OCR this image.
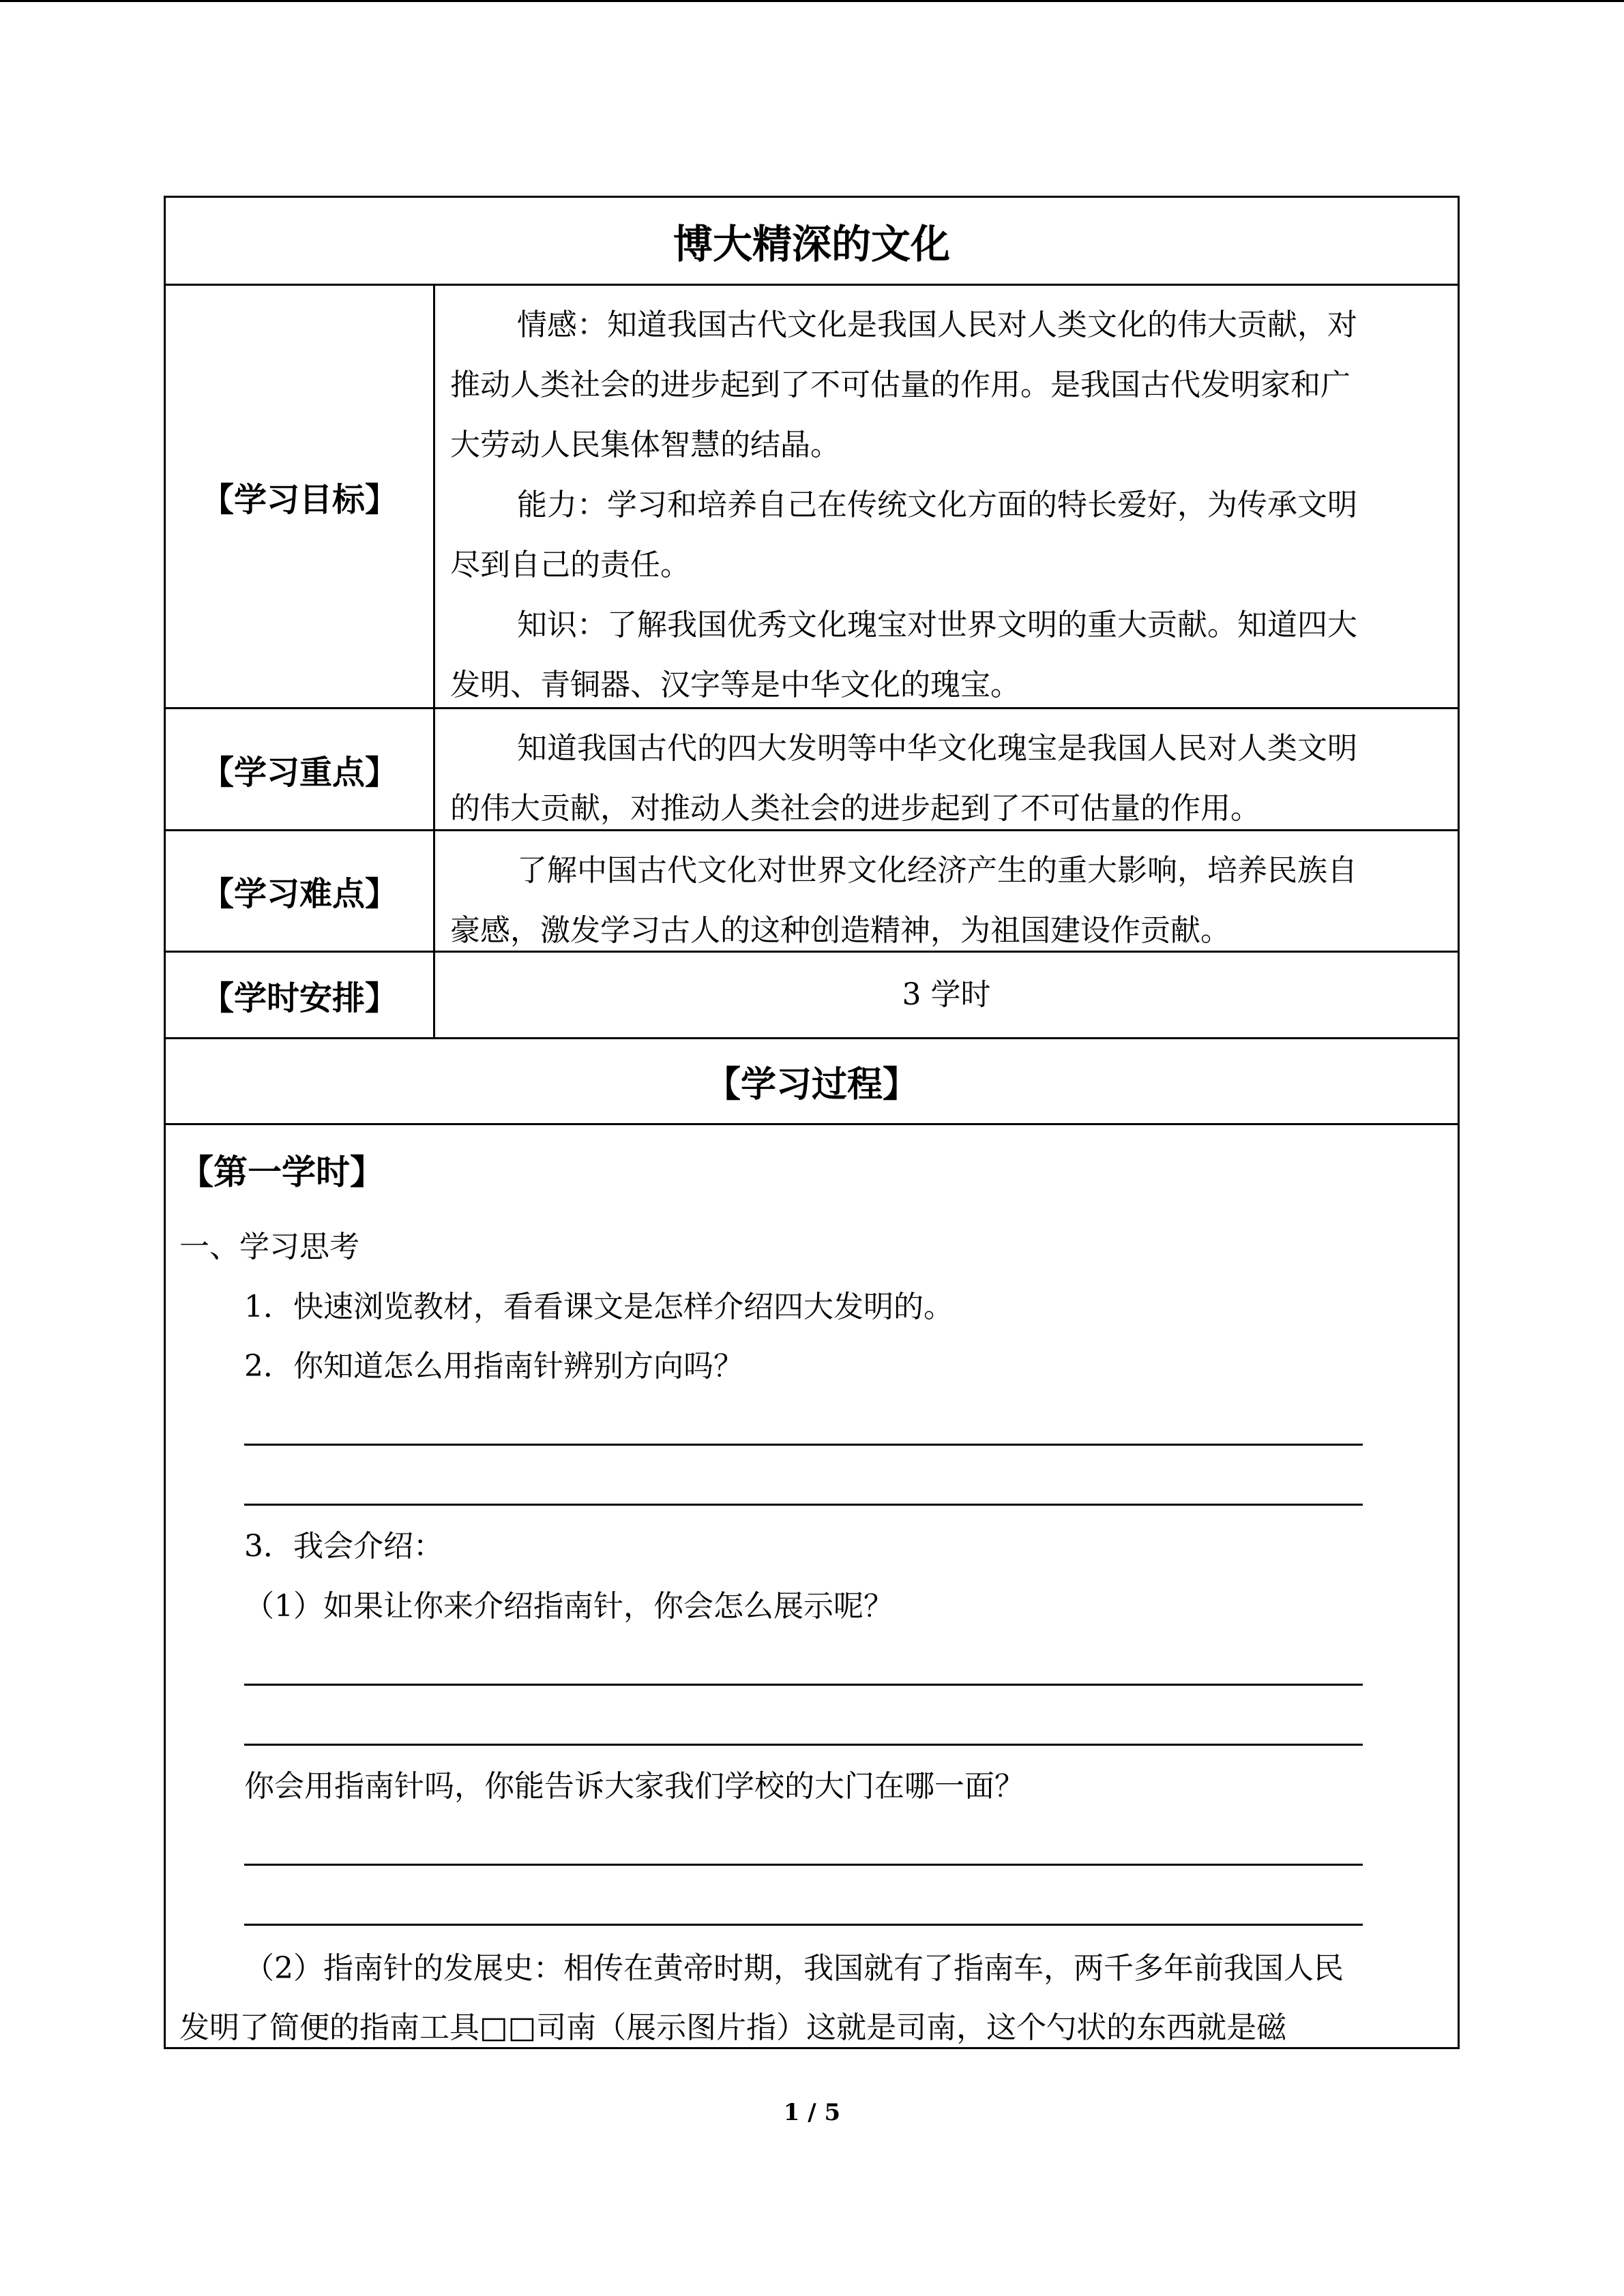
博大精深的文化
【学习目标】

情感：知道我国古代文化是我国人民对人类文化的伟大贡献，对

推动人类社会的进步起到了不可估量的作用。是我国古代发明家和广

大劳动人民集体智慧的结晶。

能力：学习和培养自己在传统文化方面的特长爱好，为传承文明

尽到自己的责任。

知识：了解我国优秀文化瑰宝对世界文明的重大贡献。知道四大

发明、青铜器、汉字等是中华文化的瑰宝。

【学习重点】

知道我国古代的四大发明等中华文化瑰宝是我国人民对人类文明

的伟大贡献，对推动人类社会的进步起到了不可估量的作用。

【学习难点】

了解中国古代文化对世界文化经济产生的重大影响，培养民族自

豪感，激发学习古人的这种创造精神，为祖国建设作贡献。

【学时安排】	3 学时
【学习过程】
【第一学时】
一、学习思考
1．快速浏览教材，看看课文是怎样介绍四大发明的。
2．你知道怎么用指南针辨别方向吗？
3．我会介绍：
（1）如果让你来介绍指南针，你会怎么展示呢？
你会用指南针吗，你能告诉大家我们学校的大门在哪一面？
（2）指南针的发展史：相传在黄帝时期，我国就有了指南车，两千多年前我国人民
发明了简便的指南工具□□司南（展示图片指）这就是司南，这个勺状的东西就是磁
1 / 5
